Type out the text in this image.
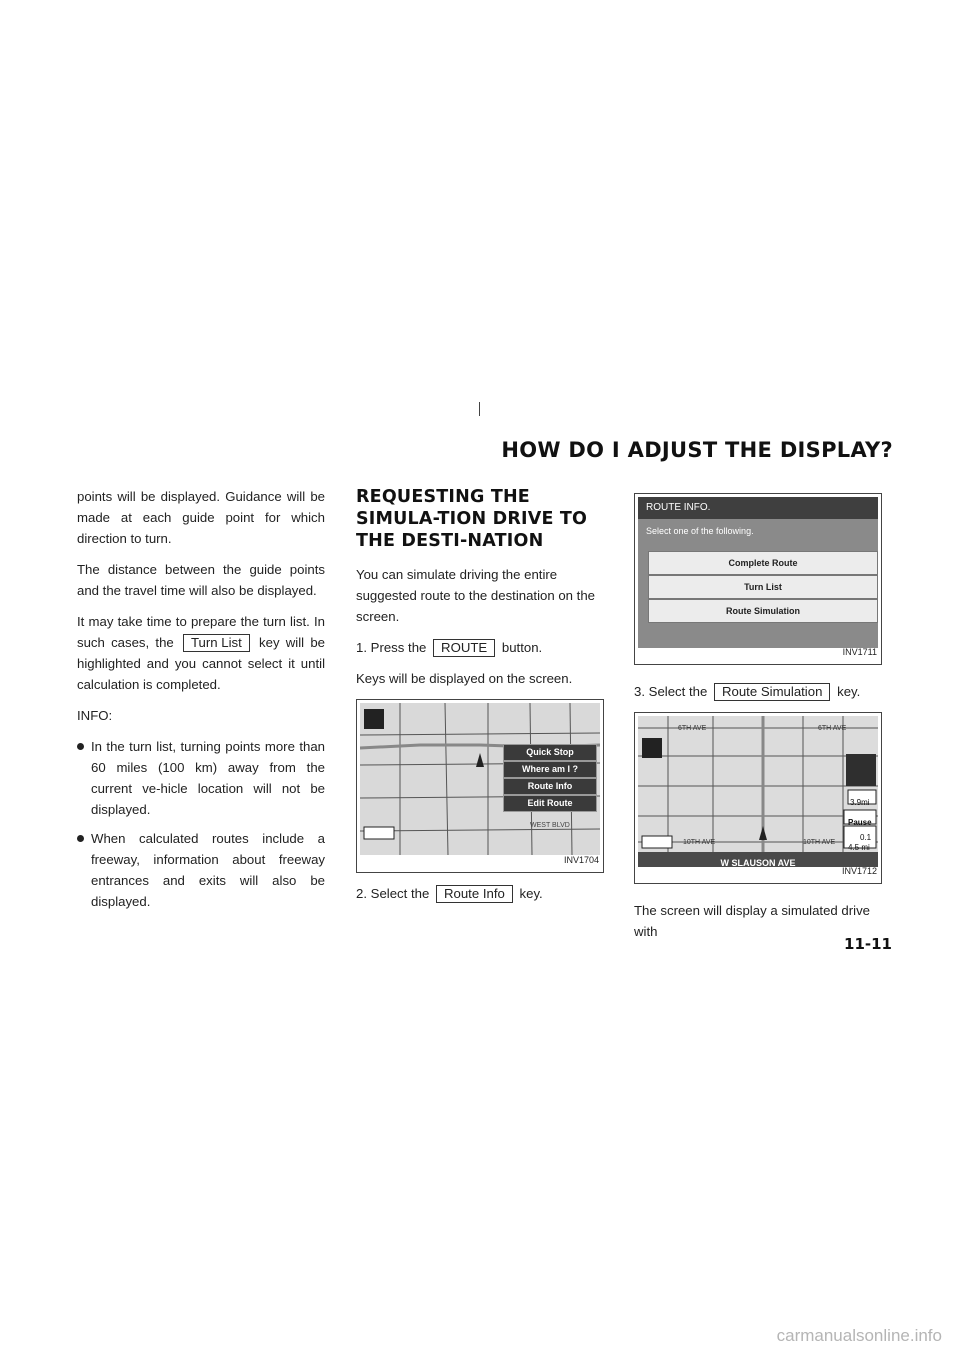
HOW DO I ADJUST THE DISPLAY?

points will be displayed. Guidance will be made at each guide point for which direction to turn.

The distance between the guide points and the travel time will also be displayed.

It may take time to prepare the turn list. In such cases, the Turn List key will be highlighted and you cannot select it until calculation is completed.

INFO:

In the turn list, turning points more than 60 miles (100 km) away from the current ve-hicle location will not be displayed.
When calculated routes include a freeway, information about freeway entrances and exits will also be displayed.
REQUESTING THE SIMULA-TION DRIVE TO THE DESTI-NATION

You can simulate driving the entire suggested route to the destination on the screen.

1. Press the ROUTE button.

Keys will be displayed on the screen.

Quick Stop
Where am I ?
Route Info
Edit Route
WEST BLVD
INV1704

2. Select the Route Info key.

ROUTE INFO.
Select one of the following.
Complete Route
Turn List
Route Simulation
INV1711

3. Select the Route Simulation key.

6TH AVE	6TH AVE
10TH AVE	10TH AVE
3.9mi
Pause
0.1
4.5 mi
W SLAUSON AVE
INV1712

The screen will display a simulated drive with

11-11
carmanualsonline.info
